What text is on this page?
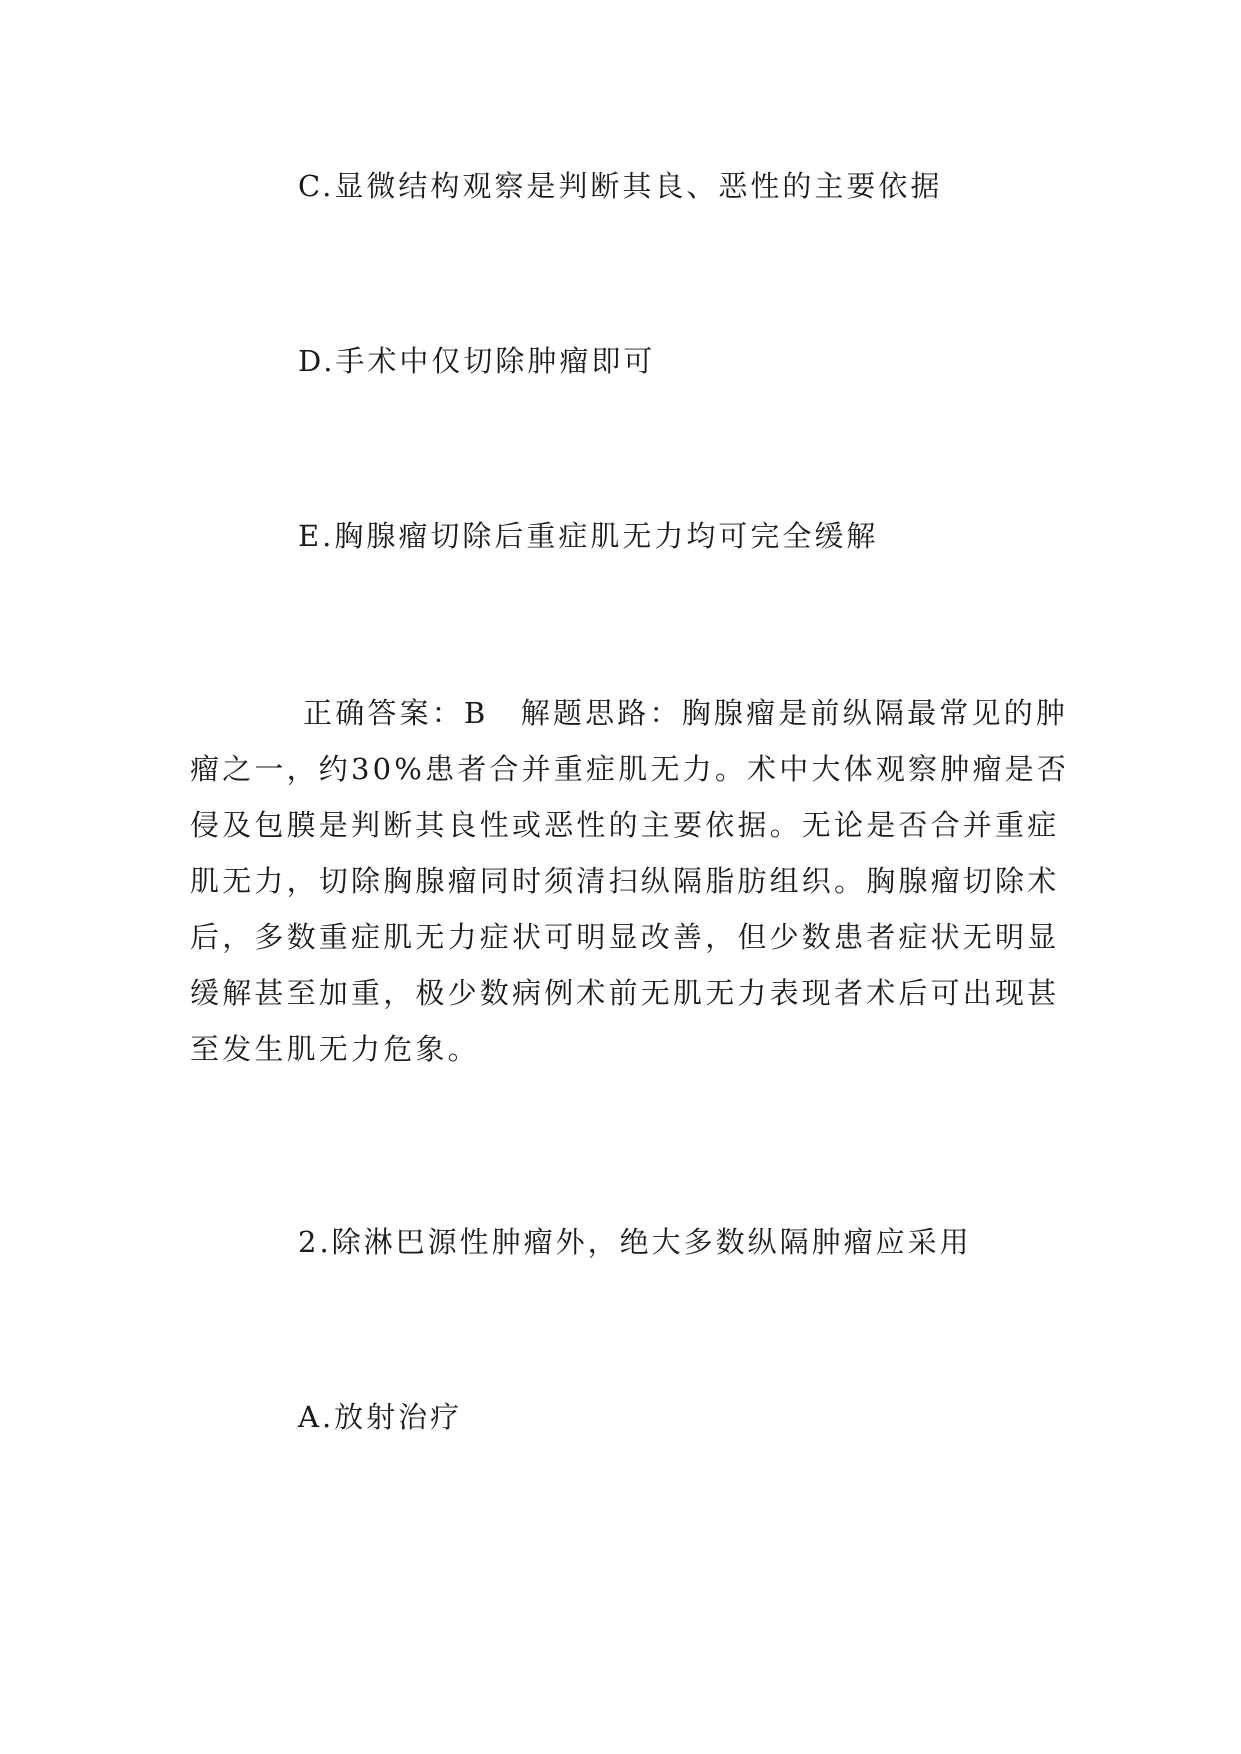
C.显微结构观察是判断其良、恶性的主要依据
D.手术中仅切除肿瘤即可
E.胸腺瘤切除后重症肌无力均可完全缓解

正确答案：B　解题思路：胸腺瘤是前纵隔最常见的肿瘤之一，约30%患者合并重症肌无力。术中大体观察肿瘤是否侵及包膜是判断其良性或恶性的主要依据。无论是否合并重症肌无力，切除胸腺瘤同时须清扫纵隔脂肪组织。胸腺瘤切除术后，多数重症肌无力症状可明显改善，但少数患者症状无明显缓解甚至加重，极少数病例术前无肌无力表现者术后可出现甚至发生肌无力危象。

2.除淋巴源性肿瘤外，绝大多数纵隔肿瘤应采用
A.放射治疗
